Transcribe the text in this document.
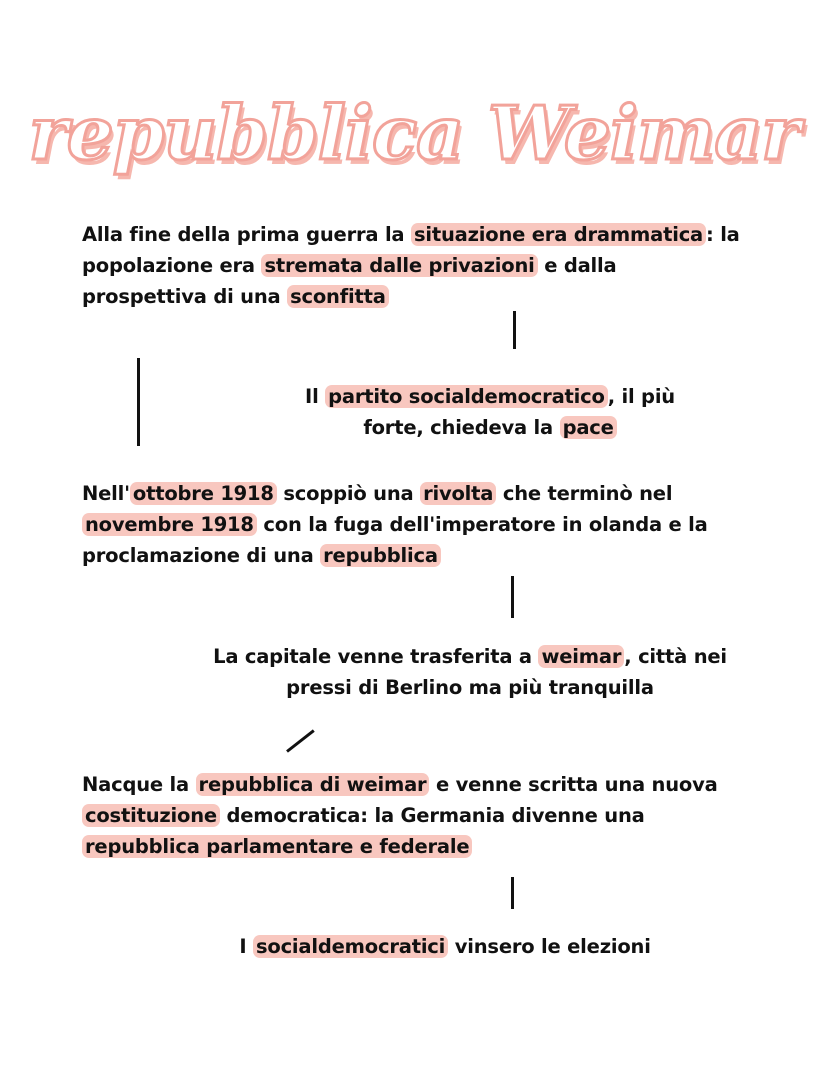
repubblica Weimar
Alla fine della prima guerra la situazione era drammatica : la
popolazione era stremata dalle privazioni e dalla
prospettiva di una sconfitta
Il partito socialdemocratico , il più
forte, chiedeva la pace
Nell' ottobre 1918 scoppiò una rivolta che terminò nel
novembre 1918 con la fuga dell'imperatore in olanda e la
proclamazione di una repubblica
La capitale venne trasferita a weimar , città nei
pressi di Berlino ma più tranquilla
Nacque la repubblica di weimar e venne scritta una nuova
costituzione democratica: la Germania divenne una
repubblica parlamentare e federale
I socialdemocratici vinsero le elezioni
